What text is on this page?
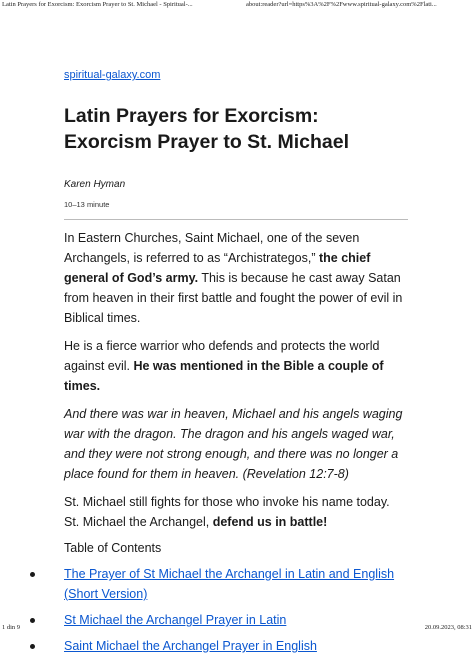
Latin Prayers for Exorcism: Exorcism Prayer to St. Michael - Spiritual-...	about:reader?url=https%3A%2F%2Fwww.spiritual-galaxy.com%2Flati...
spiritual-galaxy.com
Latin Prayers for Exorcism: Exorcism Prayer to St. Michael
Karen Hyman
10–13 minute

In Eastern Churches, Saint Michael, one of the seven Archangels, is referred to as “Archistrategos,” the chief general of God’s army. This is because he cast away Satan from heaven in their first battle and fought the power of evil in Biblical times.

He is a fierce warrior who defends and protects the world against evil. He was mentioned in the Bible a couple of times.

And there was war in heaven, Michael and his angels waging war with the dragon. The dragon and his angels waged war, and they were not strong enough, and there was no longer a place found for them in heaven. (Revelation 12:7-8)

St. Michael still fights for those who invoke his name today. St. Michael the Archangel, defend us in battle!

Table of Contents
The Prayer of St Michael the Archangel in Latin and English (Short Version)
St Michael the Archangel Prayer in Latin
Saint Michael the Archangel Prayer in English
1 din 9	20.09.2023, 08:31
